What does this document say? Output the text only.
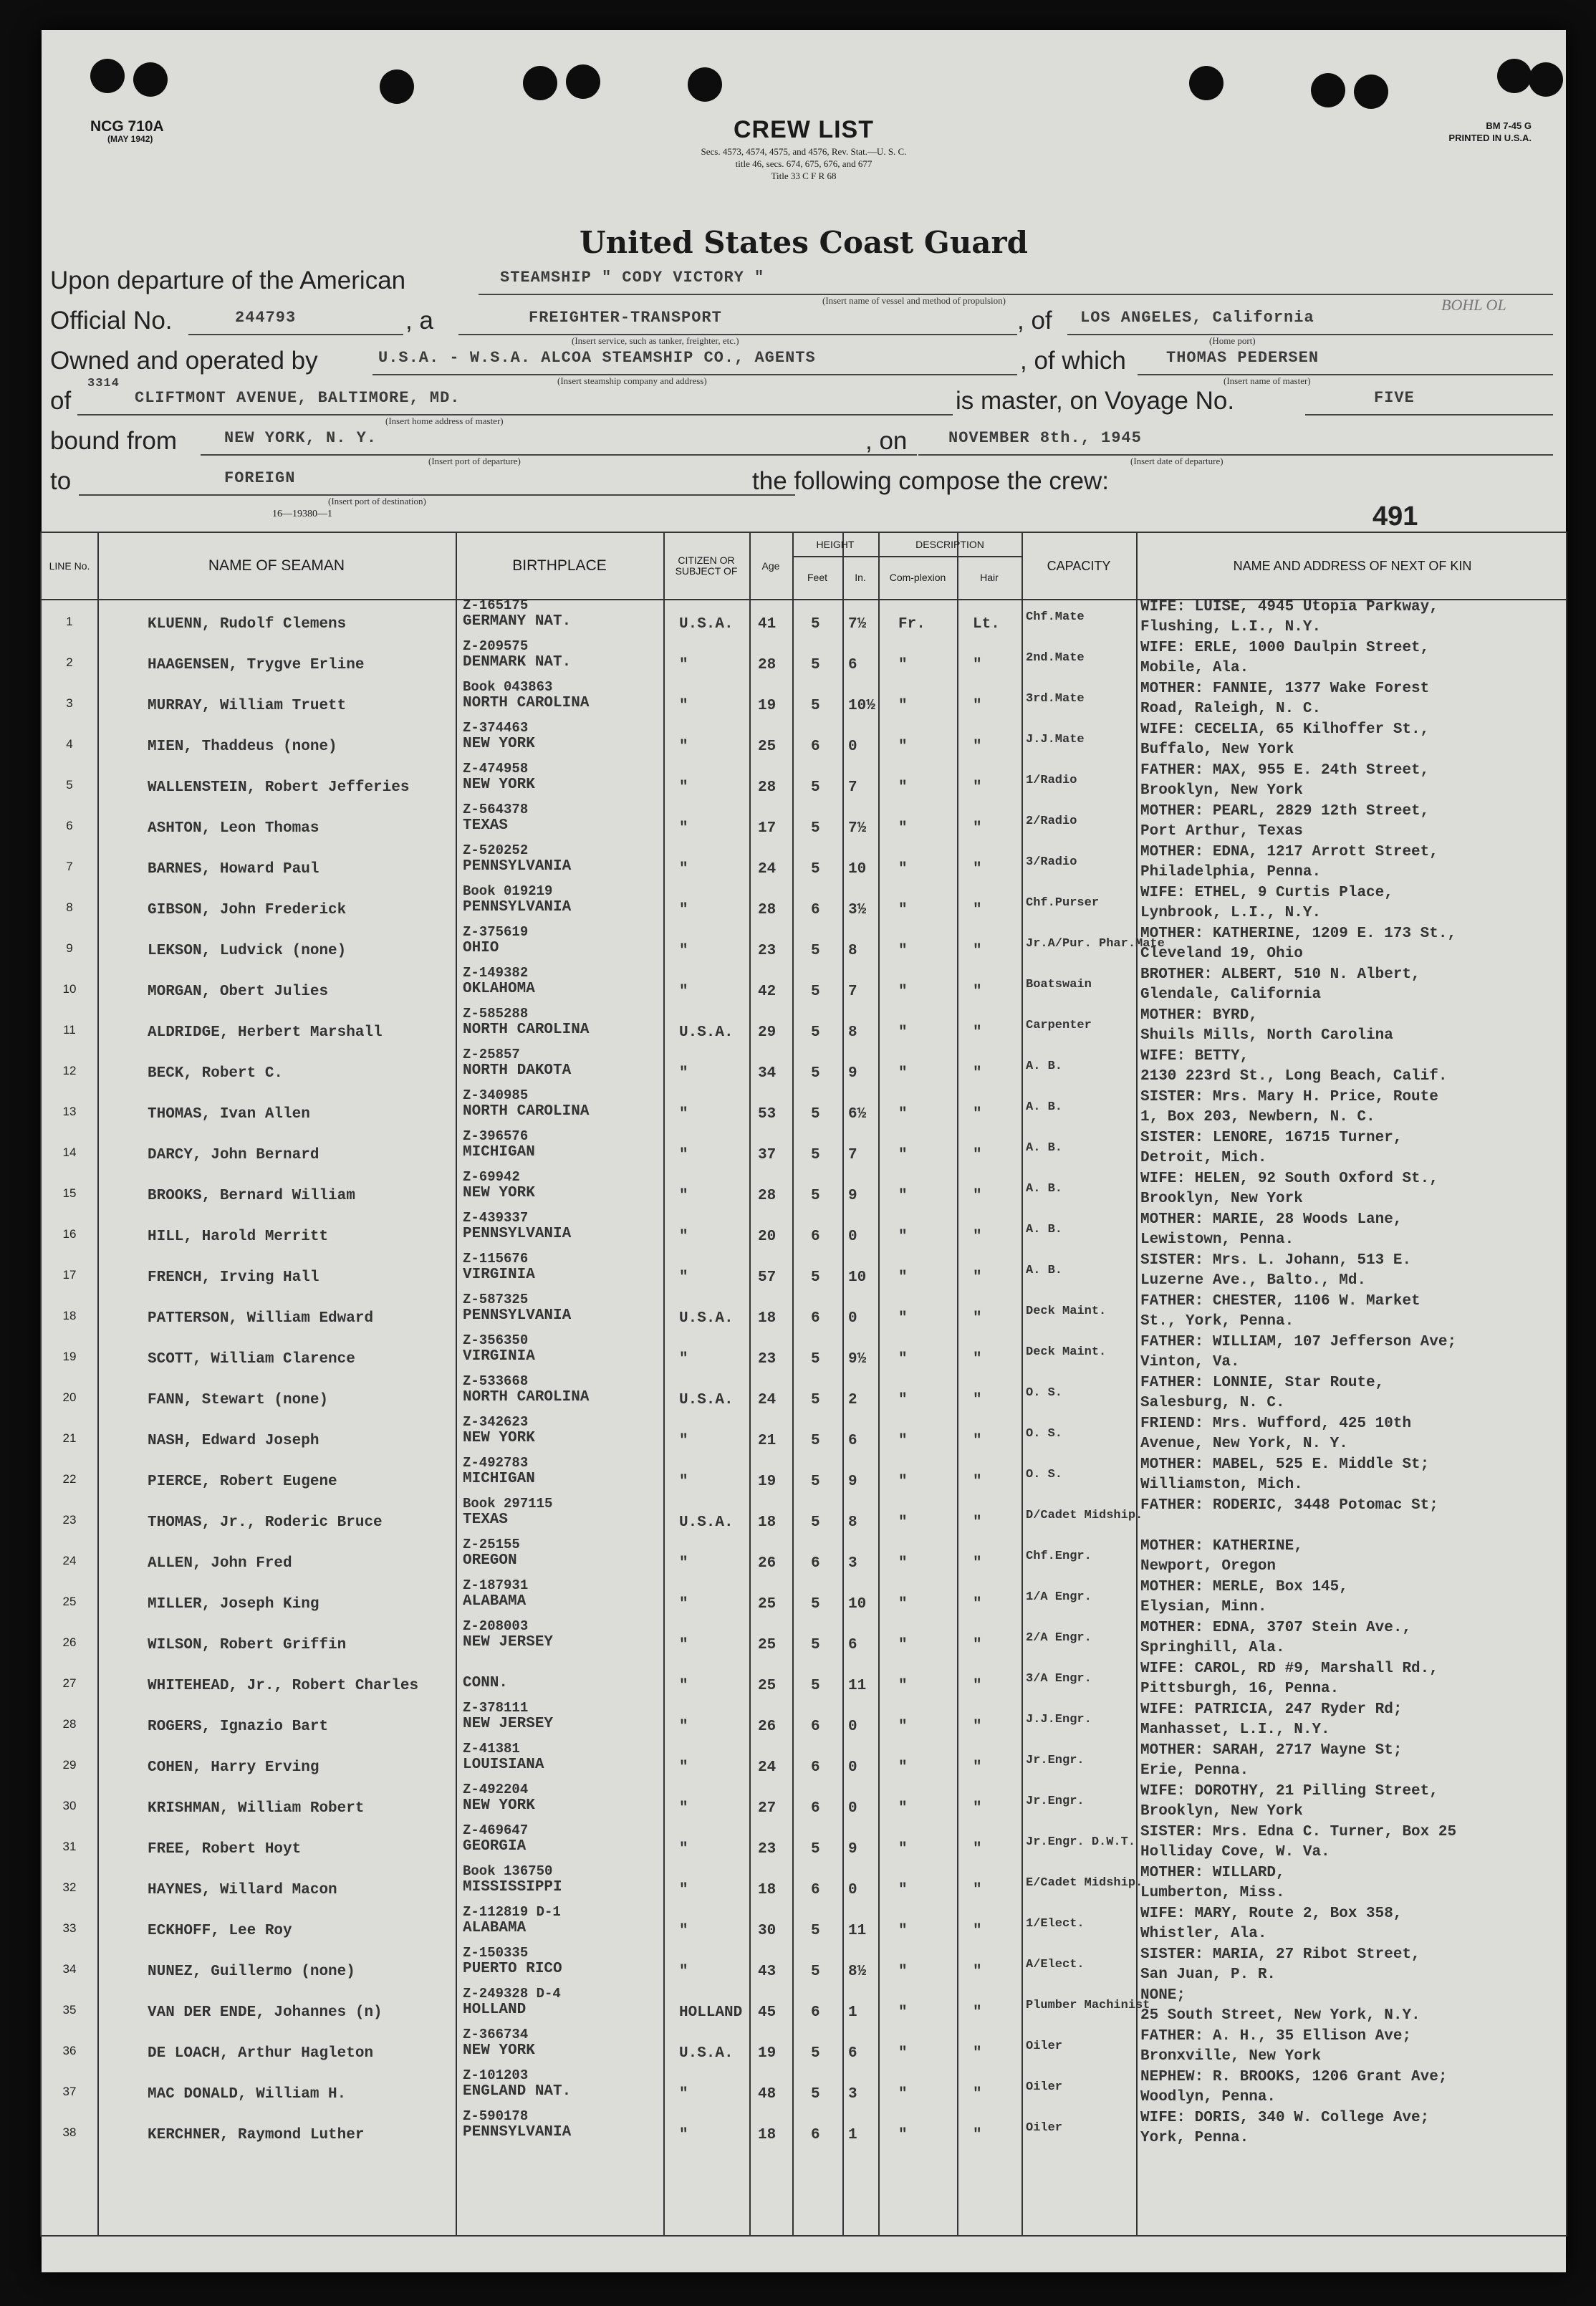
NCG 710A
(MAY 1942)
BM 7-45 G
PRINTED IN U.S.A.
CREW LIST
Secs. 4573, 4574, 4575, and 4576, Rev. Stat.—U. S. C.
title 46, secs. 674, 675, 676, and 677
Title 33 C F R 68
United States Coast Guard
Upon departure of the American	STEAMSHIP " CODY VICTORY "
(Insert name of vessel and method of propulsion)	BOHL OL
Official No.	244793	, a	FREIGHTER-TRANSPORT
(Insert service, such as tanker, freighter, etc.)
, of LOS ANGELES, California
(Home port)
Owned and operated by	U.S.A. - W.S.A. ALCOA STEAMSHIP CO., AGENTS
(Insert steamship company and address)
, of which	THOMAS PEDERSEN
(Insert name of master)
of
3314
CLIFTMONT AVENUE, BALTIMORE, MD.
(Insert home address of master)
is master, on Voyage No.	FIVE
bound from	NEW YORK, N. Y.
(Insert port of departure)
, on	NOVEMBER 8th., 1945
(Insert date of departure)
to	FOREIGN
(Insert port of destination)
the following compose the crew:
16—19380—1	491
LINE No.	NAME OF SEAMAN	BIRTHPLACE	CITIZEN OR SUBJECT OF	Age
HEIGHT
Feet	In.
DESCRIPTION
Com-plexion	Hair
CAPACITY	NAME AND ADDRESS OF NEXT OF KIN
1
Z-165175
KLUENN, Rudolf Clemens	GERMANY NAT.	U.S.A. 41 5 7½ Fr.	Lt. Chf.Mate
WIFE: LUISE, 4945 Utopia Parkway,
Flushing, L.I., N.Y.
2
Z-209575
HAAGENSEN, Trygve Erline	DENMARK NAT.	"	28 5 6	"	"	2nd.Mate
WIFE: ERLE, 1000 Daulpin Street,
Mobile, Ala.
3
Book 043863
MURRAY, William Truett	NORTH CAROLINA	"	19 5 10½ "	"	3rd.Mate
MOTHER: FANNIE, 1377 Wake Forest
Road, Raleigh, N. C.
4
Z-374463
MIEN, Thaddeus (none)	NEW YORK	"	25 6 0	"	"	J.J.Mate
WIFE: CECELIA, 65 Kilhoffer St.,
Buffalo, New York
5
Z-474958
WALLENSTEIN, Robert Jefferies	NEW YORK	"	28 5 7	"	"	1/Radio
FATHER: MAX, 955 E. 24th Street,
Brooklyn, New York
6
Z-564378
ASHTON, Leon Thomas	TEXAS	"	17 5 7½ "	"	2/Radio
MOTHER: PEARL, 2829 12th Street,
Port Arthur, Texas
7
Z-520252
BARNES, Howard Paul	PENNSYLVANIA	"	24 5 10 "	"	3/Radio
MOTHER: EDNA, 1217 Arrott Street,
Philadelphia, Penna.
8
Book 019219
GIBSON, John Frederick	PENNSYLVANIA	"	28 6 3½ "	"	Chf.Purser
WIFE: ETHEL, 9 Curtis Place,
Lynbrook, L.I., N.Y.
9
Z-375619
LEKSON, Ludvick (none)	OHIO	"	23 5 8	"	"	Jr.A/Pur. Phar.Mate
MOTHER: KATHERINE, 1209 E. 173 St.,
Cleveland 19, Ohio
10
Z-149382
MORGAN, Obert Julies	OKLAHOMA	"	42 5 7	"	"	Boatswain
BROTHER: ALBERT, 510 N. Albert,
Glendale, California
11
Z-585288
ALDRIDGE, Herbert Marshall	NORTH CAROLINA	U.S.A. 29 5 8	"	"	Carpenter
MOTHER: BYRD,
Shuils Mills, North Carolina
12
Z-25857
BECK, Robert C.	NORTH DAKOTA	"	34 5 9	"	"	A. B.
WIFE: BETTY,
2130 223rd St., Long Beach, Calif.
13
Z-340985
THOMAS, Ivan Allen	NORTH CAROLINA	"	53 5 6½ "	"	A. B.
SISTER: Mrs. Mary H. Price, Route
1, Box 203, Newbern, N. C.
14
Z-396576
DARCY, John Bernard	MICHIGAN	"	37 5 7	"	"	A. B.
SISTER: LENORE, 16715 Turner,
Detroit, Mich.
15
Z-69942
BROOKS, Bernard William	NEW YORK	"	28 5 9	"	"	A. B.
WIFE: HELEN, 92 South Oxford St.,
Brooklyn, New York
16
Z-439337
HILL, Harold Merritt	PENNSYLVANIA	"	20 6 0	"	"	A. B.
MOTHER: MARIE, 28 Woods Lane,
Lewistown, Penna.
17
Z-115676
FRENCH, Irving Hall	VIRGINIA	"	57 5 10 "	"	A. B.
SISTER: Mrs. L. Johann, 513 E.
Luzerne Ave., Balto., Md.
18
Z-587325
PATTERSON, William Edward	PENNSYLVANIA	U.S.A. 18 6 0	"	"	Deck Maint.
FATHER: CHESTER, 1106 W. Market
St., York, Penna.
19
Z-356350
SCOTT, William Clarence	VIRGINIA	"	23 5 9½ "	"	Deck Maint.
FATHER: WILLIAM, 107 Jefferson Ave;
Vinton, Va.
20
Z-533668
FANN, Stewart (none)	NORTH CAROLINA	U.S.A. 24 5 2	"	"	O. S.
FATHER: LONNIE, Star Route,
Salesburg, N. C.
21
Z-342623
NASH, Edward Joseph	NEW YORK	"	21 5 6	"	"	O. S.
FRIEND: Mrs. Wufford, 425 10th
Avenue, New York, N. Y.
22
Z-492783
PIERCE, Robert Eugene	MICHIGAN	"	19 5 9	"	"	O. S.
MOTHER: MABEL, 525 E. Middle St;
Williamston, Mich.
23
Book 297115
THOMAS, Jr., Roderic Bruce	TEXAS	U.S.A. 18 5 8	"	"	D/Cadet Midship.
FATHER: RODERIC, 3448 Potomac St;
24
Z-25155
ALLEN, John Fred	OREGON	"	26 6 3	"	"	Chf.Engr.
MOTHER: KATHERINE,
Newport, Oregon
25
Z-187931
MILLER, Joseph King	ALABAMA	"	25 5 10 "	"	1/A Engr.
MOTHER: MERLE, Box 145,
Elysian, Minn.
26
Z-208003
WILSON, Robert Griffin	NEW JERSEY	"	25 5 6	"	"	2/A Engr.
MOTHER: EDNA, 3707 Stein Ave.,
Springhill, Ala.
27	WHITEHEAD, Jr., Robert Charles	CONN.	"	25 5 11 "	"	3/A Engr.
WIFE: CAROL, RD #9, Marshall Rd.,
Pittsburgh, 16, Penna.
28
Z-378111
ROGERS, Ignazio Bart	NEW JERSEY	"	26 6 0	"	"	J.J.Engr.
WIFE: PATRICIA, 247 Ryder Rd;
Manhasset, L.I., N.Y.
29
Z-41381
COHEN, Harry Erving	LOUISIANA	"	24 6 0	"	"	Jr.Engr.
MOTHER: SARAH, 2717 Wayne St;
Erie, Penna.
30
Z-492204
KRISHMAN, William Robert	NEW YORK	"	27 6 0	"	"	Jr.Engr.
WIFE: DOROTHY, 21 Pilling Street,
Brooklyn, New York
31
Z-469647
FREE, Robert Hoyt	GEORGIA	"	23 5 9	"	"	Jr.Engr. D.W.T.
SISTER: Mrs. Edna C. Turner, Box 25
Holliday Cove, W. Va.
32
Book 136750
HAYNES, Willard Macon	MISSISSIPPI	"	18 6 0	"	"	E/Cadet Midship.
MOTHER: WILLARD,
Lumberton, Miss.
33
Z-112819 D-1
ECKHOFF, Lee Roy	ALABAMA	"	30 5 11 "	"	1/Elect.
WIFE: MARY, Route 2, Box 358,
Whistler, Ala.
34
Z-150335
NUNEZ, Guillermo (none)	PUERTO RICO	"	43 5 8½ "	"	A/Elect.
SISTER: MARIA, 27 Ribot Street,
San Juan, P. R.
35
Z-249328 D-4
VAN DER ENDE, Johannes (n)	HOLLAND	HOLLAND 45 6 1	"	"	Plumber Machinist
NONE;
25 South Street, New York, N.Y.
36
Z-366734
DE LOACH, Arthur Hagleton	NEW YORK	U.S.A. 19 5 6	"	"	Oiler
FATHER: A. H., 35 Ellison Ave;
Bronxville, New York
37
Z-101203
MAC DONALD, William H.	ENGLAND NAT.	"	48 5 3	"	"	Oiler
NEPHEW: R. BROOKS, 1206 Grant Ave;
Woodlyn, Penna.
38
Z-590178
KERCHNER, Raymond Luther	PENNSYLVANIA	"	18 6 1	"	"	Oiler
WIFE: DORIS, 340 W. College Ave;
York, Penna.
